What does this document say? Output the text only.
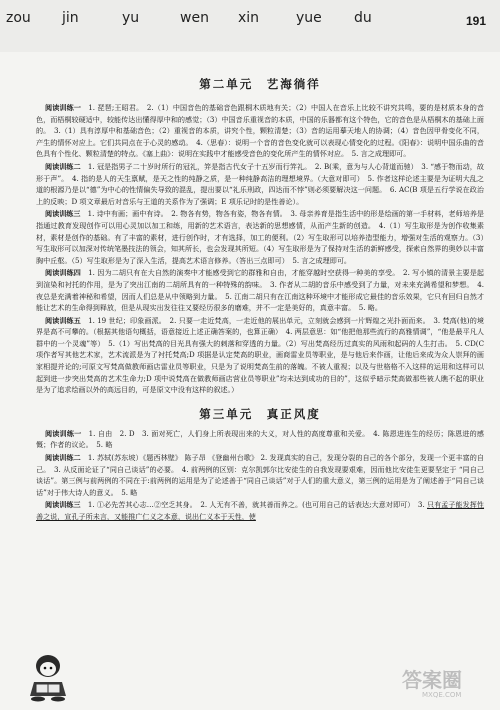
zou jin	yu	wen xin	yue du	191
第二单元　艺海徜徉

阅读训练一　 1. 琵琶;王昭君。　2.（1）中国音色的基础音色跟桐木质地有关；（2）中国人在音乐上比较不讲究共鸣，要的是材质本身的音色，而梧桐较硬适中，较能传达出懂得厚中和的感觉；（3）中国音乐重视音的本质，中国的乐器都有这个特色，它的音色是从梧桐木的基础上面的。　3.（1）具有淳厚中和基础音色；（2）重视音的本质，讲究个性，颗粒清楚；（3）音的运用摹天地人的协调；（4）音色因甲骨变化不同，产生的情怀对应上。它们共同点在于心灵的感动。　4.（思春）：说明一个音的音色变化就可以表现心情变化的过程。《阳春》：说明中国乐曲的音色具有个性化、颗粒清楚的特点。《塞上曲》：说明在实践中才能感受音色的变化所产生的情怀对应。　5. 言之成理即可。

阅读训练二　 1. 冠是指男子二十岁时所行的冠礼，笄是指古代女子十五岁而行笄礼。　2. B(乘，意为与人心背道而驰）　3. “感于物而动，故形于声”。　4. 指的是人的天生禀赋，是天之性的纯静之质，是一种纯静高洁的理想境界。（大意对即可）　5. 作者这样论述主要是为证明大乱之道的根源乃是以“德”为中心的性情偏失导致的混乱，提出要以“礼乐刑政，四达而不悖”则必须要解决这一问题。　6. AC(B 项是五行学说在政治上的反映；D 项文章最后对音乐与王道的关系作为了强调；E 项乐记时的是性善论）。

阅读训练三　 1. 诗中有画；画中有诗。　2. 物各有势，物各有姿，物各有情。　3. 母亲养育是指生活中的形是绘画的第一手材料，老师培养是指通过教育发现创作可以用心灵加以加工和练，用新的艺术语言，表达新的思想感情，从而产生新的创造。　4.（1）写生取形是为创作收集素材，素材是创作的基础。有了丰富的素材，进行创作时，才有选择，加工的便利。（2）写生取形可以培养造型能力，增强对生活的观察力。（3）写生取形可以加深对传统笔墨技法的领会，知其所长，也会发现其所短。（4）写生取形是为了保持对生活的新鲜感受，探索自然界的奥妙以丰富胸中丘壑。（5）写生取形是为了深入生活，提高艺术语言修养。（答出三点即可）　5. 言之成理即可。

阅读训练四　 1. 因为二胡只有在大自然的演奏中才能感受到它的群雅和自由，才能穿越时空获得一种美的享受。　2. 写小镇的清景主要是起到渲染和衬托的作用，是为了突出江南的二胡所具有的一种特殊的韵味。　3. 作者从二胡的音乐中感受到了力量，对未来充满希望和梦想。　4. 夜总是充满着神秘和希望，因而人们总是从中领略到力量。　5. 江南二胡只有在江南这种环境中才能形成它最佳的音乐效果，它只有回归自然才能让艺术的生命得到释放，但是从现实出发往往又要经历很多的磨难，并不一定是美好的，真意丰富。　5. 略。

阅读训练五　 1. 19 世纪；印象画派。　2. 只要一走近梵高，一走近他的展出单元，立刻就会感到一片辉煌之光扑面而来。　3. 梵高(他)的境界是高不可攀的。（根据其他语句概括，语意接近上述正确答案的，也算正确）　4. 两层意思：如“他把他那些流行的高雅情调”，“他是最平凡人群中的一个灵魂”等）　5.（1）写出梵高的目光具有强大的刺落和穿透的力量。（2）写出梵高经历过真实的风雨和起码的人生打击。　5. CD(C 项作者写其他艺术家，艺术流派是为了衬托梵高;D 项据是认定梵高的职业，画商雷业员等职业，是与他后来作画，让他后来成为众人崇拜的画家相提并论的;可原文写梵高做教师画店雷业员等职业，只是为了说明梵高生前的落魄。不被人重视；以及与世格格不入这样的运用和这样可以起到进一步突出梵高的艺术生命力;D 项中说梵高在做教师画店营业员等职业”均未达到成功的目的”，这似乎暗示梵高做那些被人瞧不起的职业是为了追求绘画以外的高远目的，可是原文中没有这样的叙述。）

第三单元　真正风度

阅读训练一　 1. 自由　2. D　3. 面对死亡，人们身上所表现出来的大义，对人性的高度尊重和关爱。　4. 陈恩进连生的经历；陈恩进的感慨；作者的议论。　5. 略

阅读训练二　 1. 苏轼(苏东坡）《题西林壁》 陈子昂 《登幽州台歌》 2. 发现真实的自己，发现分裂的自己的各个部分，发现一个更丰富的自己。　3. 从反面论证了“同自己谈话”的必要。　4. 前两例的区别：克尔凯郭尔比安徒生的自我发现要艰难，因而他比安徒生更要坚定于 “同自己谈话”。第三例与前两例的不同在于:前两例的运用是为了论述善于“同自己谈话”对于人们的重大意义，第三例的运用是为了阐述善于“同自己谈话”对于伟大诗人的意义。　5. 略

阅读训练三　 1. ①必先苦其心志…②空乏其身。　2. 人无有不善，就其善而养之。(也可用自己的话表达;大意对即可）　3. 只有孟子能发挥性善之说，宣孔子所未言，又能推广仁义之本意，说出仁义本于天性，使

答案圈
MXQE.COM
